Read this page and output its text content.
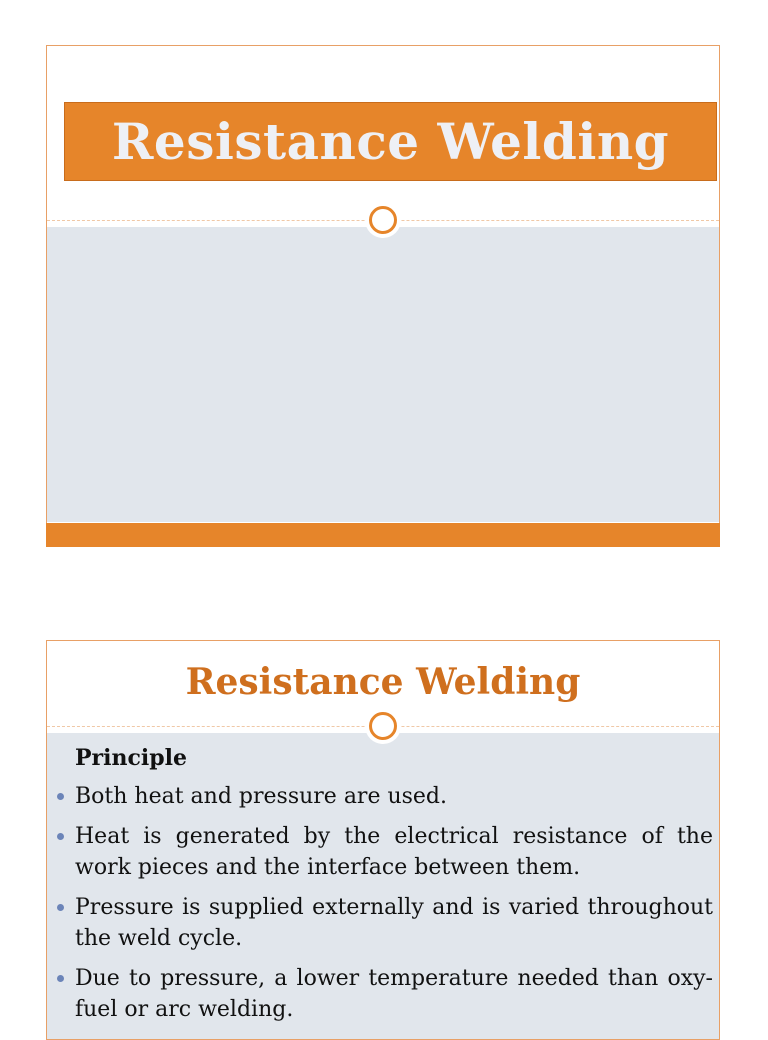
Resistance Welding
Resistance Welding
Principle
Both heat and pressure are used.
Heat is generated by the electrical resistance of the work pieces and the interface between them.
Pressure is supplied externally and is varied throughout the weld cycle.
Due to pressure, a lower temperature needed than oxy-fuel or arc welding.
